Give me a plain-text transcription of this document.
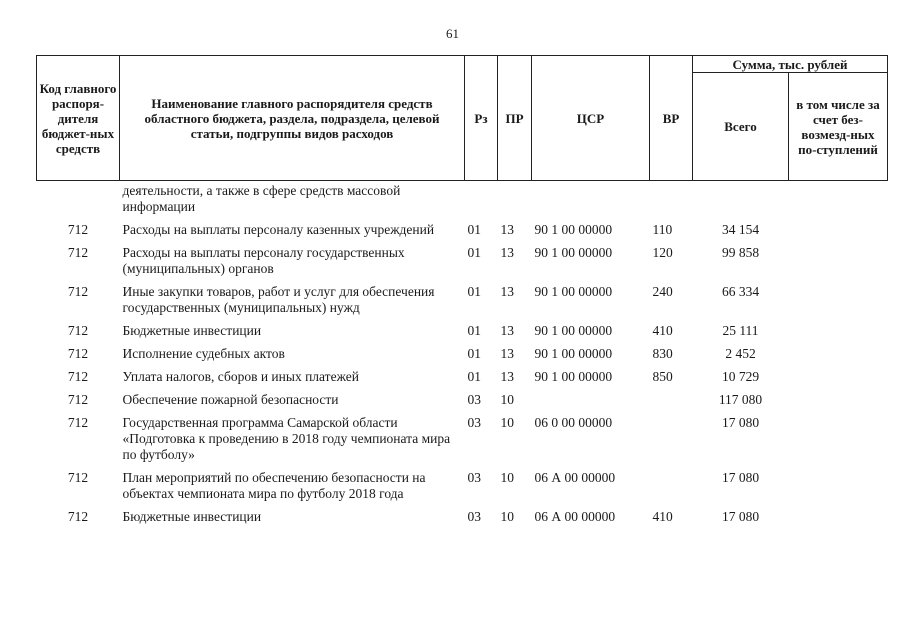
61
Код главного распоря-дителя бюджет-ных средств	Наименование главного распорядителя средств областного бюджета, раздела, подраздела, целевой статьи, подгруппы видов расходов	Рз	ПР	ЦСР	ВР	Сумма, тыс. рублей	
						Всего	в том числе за счет без-возмезд-ных по-ступлений
	деятельности, а также в сфере средств массовой информации						
712	Расходы на выплаты персоналу казенных учреждений	01	13	90 1 00 00000	110	34 154	
712	Расходы на выплаты персоналу государственных (муниципальных) органов	01	13	90 1 00 00000	120	99 858	
712	Иные закупки товаров, работ и услуг для обеспечения государственных (муниципальных) нужд	01	13	90 1 00 00000	240	66 334	
712	Бюджетные инвестиции	01	13	90 1 00 00000	410	25 111	
712	Исполнение судебных актов	01	13	90 1 00 00000	830	2 452	
712	Уплата налогов, сборов и иных платежей	01	13	90 1 00 00000	850	10 729	
712	Обеспечение пожарной безопасности	03	10			117 080	
712	Государственная программа Самарской области «Подготовка к проведению в 2018 году чемпионата мира по футболу»	03	10	06 0 00 00000		17 080	
712	План мероприятий по обеспечению безопасности на объектах чемпионата мира по футболу 2018 года	03	10	06 А 00 00000		17 080	
712	Бюджетные инвестиции	03	10	06 А 00 00000	410	17 080	
